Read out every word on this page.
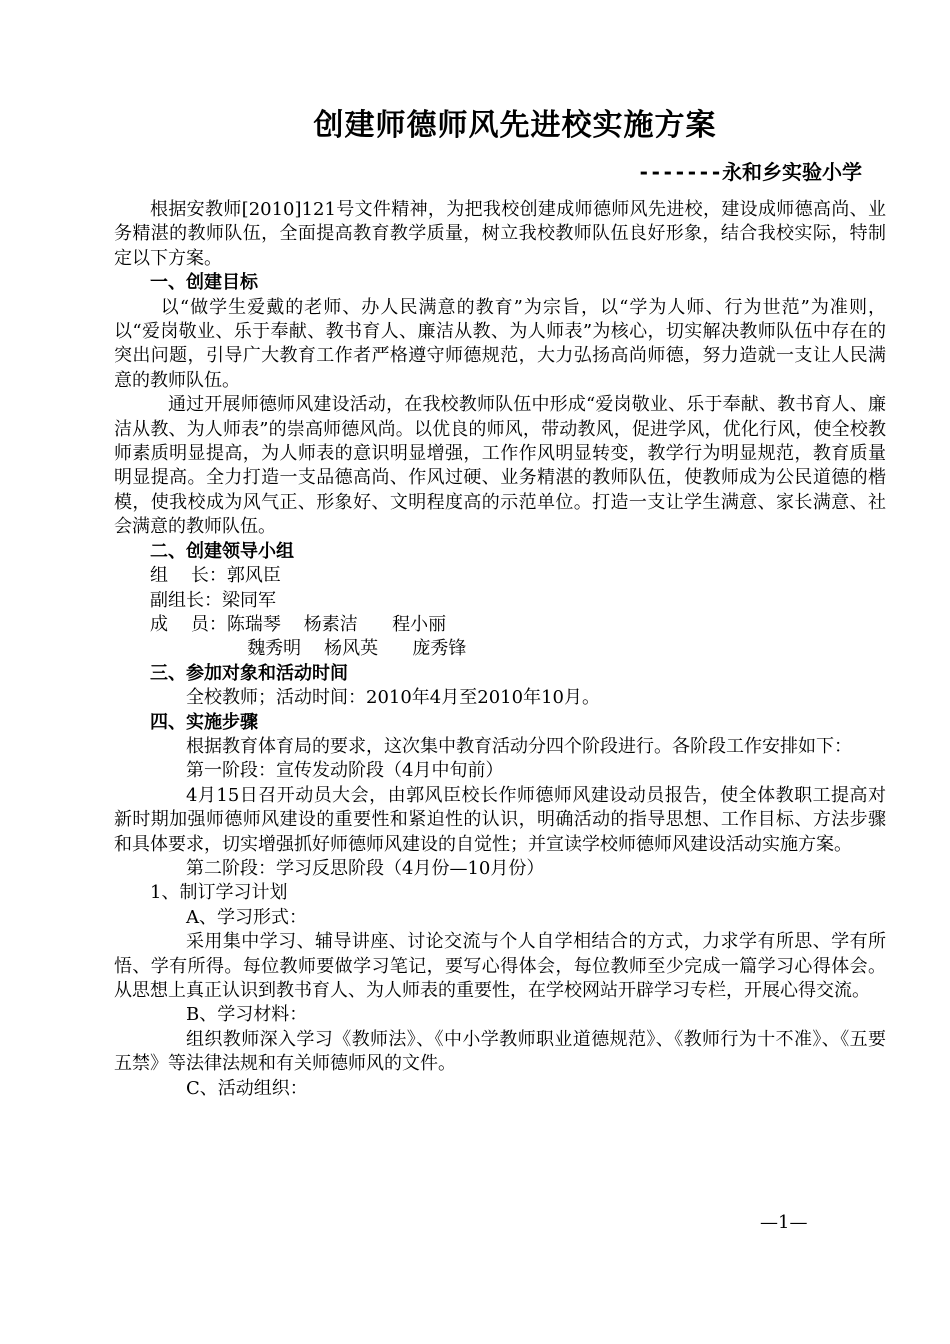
创建师德师风先进校实施方案
-------永和乡实验小学

根据安教师[2010]121号文件精神，为把我校创建成师德师风先进校，建设成师德高尚、业务精湛的教师队伍，全面提高教育教学质量，树立我校教师队伍良好形象，结合我校实际，特制定以下方案。

一、创建目标

以“做学生爱戴的老师、办人民满意的教育”为宗旨，以“学为人师、行为世范”为准则，以“爱岗敬业、乐于奉献、教书育人、廉洁从教、为人师表”为核心，切实解决教师队伍中存在的突出问题，引导广大教育工作者严格遵守师德规范，大力弘扬高尚师德，努力造就一支让人民满意的教师队伍。

通过开展师德师风建设活动，在我校教师队伍中形成“爱岗敬业、乐于奉献、教书育人、廉洁从教、为人师表”的崇高师德风尚。以优良的师风，带动教风，促进学风，优化行风，使全校教师素质明显提高，为人师表的意识明显增强，工作作风明显转变，教学行为明显规范，教育质量明显提高。全力打造一支品德高尚、作风过硬、业务精湛的教师队伍，使教师成为公民道德的楷模，使我校成为风气正、形象好、文明程度高的示范单位。打造一支让学生满意、家长满意、社会满意的教师队伍。

二、创建领导小组

组    长：郭风臣

副组长：梁同军

成    员：陈瑞琴    杨素洁      程小丽

魏秀明    杨风英      庞秀锋

三、参加对象和活动时间

全校教师；活动时间：2010年4月至2010年10月。

四、实施步骤

根据教育体育局的要求，这次集中教育活动分四个阶段进行。各阶段工作安排如下：

第一阶段：宣传发动阶段（4月中旬前）

4月15日召开动员大会，由郭风臣校长作师德师风建设动员报告，使全体教职工提高对新时期加强师德师风建设的重要性和紧迫性的认识，明确活动的指导思想、工作目标、方法步骤和具体要求，切实增强抓好师德师风建设的自觉性；并宣读学校师德师风建设活动实施方案。

第二阶段：学习反思阶段（4月份—10月份）

1、制订学习计划

A、学习形式：

采用集中学习、辅导讲座、讨论交流与个人自学相结合的方式，力求学有所思、学有所悟、学有所得。每位教师要做学习笔记，要写心得体会，每位教师至少完成一篇学习心得体会。从思想上真正认识到教书育人、为人师表的重要性，在学校网站开辟学习专栏，开展心得交流。

B、学习材料：

组织教师深入学习《教师法》、《中小学教师职业道德规范》、《教师行为十不准》、《五要五禁》等法律法规和有关师德师风的文件。

C、活动组织：

—1—
